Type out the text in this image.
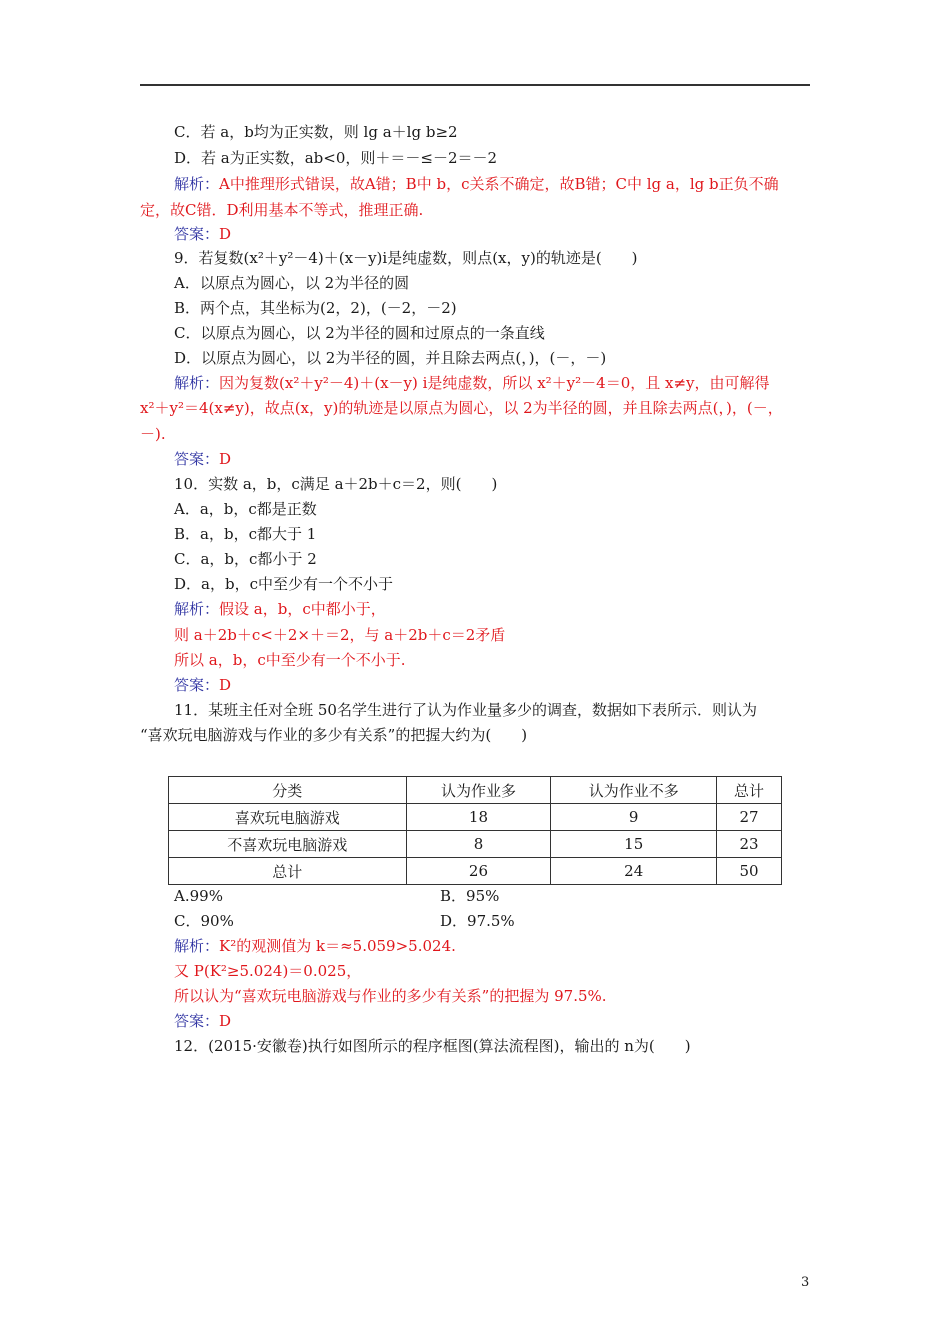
C．若 a，b均为正实数，则 lg a＋lg b≥2
D．若 a为正实数，ab<0，则＋＝－≤－2＝－2
解析：A中推理形式错误，故A错；B中 b，c关系不确定，故B错；C中 lg a，lg b正负不确
定，故C错．D利用基本不等式，推理正确.
答案：D
9．若复数(x²＋y²－4)＋(x－y)i是纯虚数，则点(x，y)的轨迹是(　　)
A．以原点为圆心，以 2为半径的圆
B．两个点，其坐标为(2，2)，(－2，－2)
C．以原点为圆心，以 2为半径的圆和过原点的一条直线
D．以原点为圆心，以 2为半径的圆，并且除去两点(，)，(－，－)
解析：因为复数(x²＋y²－4)＋(x－y) i是纯虚数，所以 x²＋y²－4＝0，且 x≠y，由可解得
x²＋y²＝4(x≠y)，故点(x，y)的轨迹是以原点为圆心，以 2为半径的圆，并且除去两点(，)，(－，
－).
答案：D
10．实数 a，b，c满足 a＋2b＋c＝2，则(　　)
A．a，b，c都是正数
B．a，b，c都大于 1
C．a，b，c都小于 2
D．a，b，c中至少有一个不小于
解析：假设 a，b，c中都小于，
则 a＋2b＋c<＋2×＋＝2，与 a＋2b＋c＝2矛盾
所以 a，b，c中至少有一个不小于.
答案：D
11．某班主任对全班 50名学生进行了认为作业量多少的调查，数据如下表所示．则认为
“喜欢玩电脑游戏与作业的多少有关系”的把握大约为(　　)
分类	认为作业多	认为作业不多	总计
喜欢玩电脑游戏	18	9	27
不喜欢玩电脑游戏	8	15	23
总计	26	24	50
A.99%	B．95%
C．90%	D．97.5%
解析：K²的观测值为 k＝≈5.059>5.024.
又 P(K²≥5.024)＝0.025，
所以认为“喜欢玩电脑游戏与作业的多少有关系”的把握为 97.5%.
答案：D
12．(2015·安徽卷)执行如图所示的程序框图(算法流程图)，输出的 n为(　　)
3
